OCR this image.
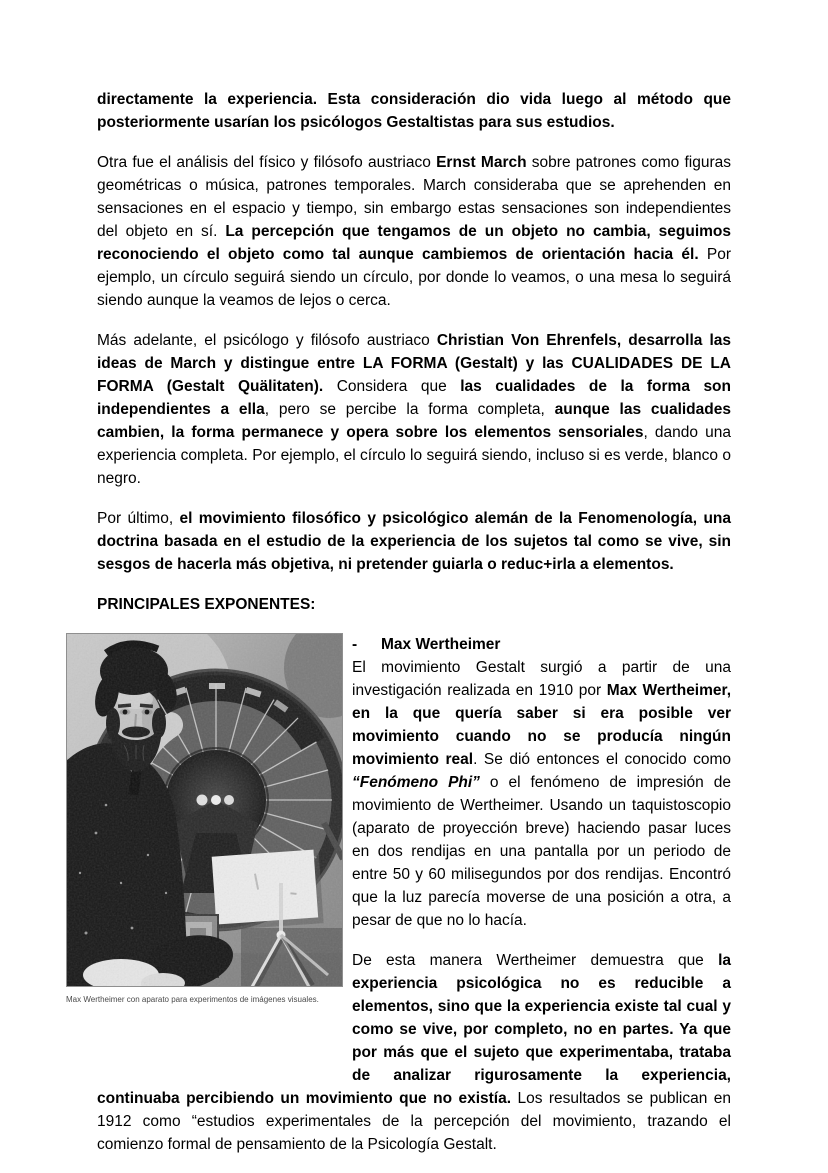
directamente la experiencia. Esta consideración dio vida luego al método que posteriormente usarían los psicólogos Gestaltistas para sus estudios.

Otra fue el análisis del físico y filósofo austriaco Ernst March sobre patrones como figuras geométricas o música, patrones temporales. March consideraba que se aprehenden en sensaciones en el espacio y tiempo, sin embargo estas sensaciones son independientes del objeto en sí. La percepción que tengamos de un objeto no cambia, seguimos reconociendo el objeto como tal aunque cambiemos de orientación hacia él. Por ejemplo, un círculo seguirá siendo un círculo, por donde lo veamos, o una mesa lo seguirá siendo aunque la veamos de lejos o cerca.

Más adelante, el psicólogo y filósofo austriaco Christian Von Ehrenfels, desarrolla las ideas de March y distingue entre LA FORMA (Gestalt) y las CUALIDADES DE LA FORMA (Gestalt Quälitaten). Considera que las cualidades de la forma son independientes a ella, pero se percibe la forma completa, aunque las cualidades cambien, la forma permanece y opera sobre los elementos sensoriales, dando una experiencia completa. Por ejemplo, el círculo lo seguirá siendo, incluso si es verde, blanco o negro.

Por último, el movimiento filosófico y psicológico alemán de la Fenomenología, una doctrina basada en el estudio de la experiencia de los sujetos tal como se vive, sin sesgos de hacerla más objetiva, ni pretender guiarla o reduc+irla a elementos.

PRINCIPALES EXPONENTES:
Max Wertheimer con aparato para experimentos de imágenes visuales.

- Max Wertheimer

El movimiento Gestalt surgió a partir de una investigación realizada en 1910 por Max Wertheimer, en la que quería saber si era posible ver movimiento cuando no se producía ningún movimiento real. Se dió entonces el conocido como “Fenómeno Phi” o el fenómeno de impresión de movimiento de Wertheimer. Usando un taquistoscopio (aparato de proyección breve) haciendo pasar luces en dos rendijas en una pantalla por un periodo de entre 50 y 60 milisegundos por dos rendijas. Encontró que la luz parecía moverse de una posición a otra, a pesar de que no lo hacía.

De esta manera Wertheimer demuestra que la experiencia psicológica no es reducible a elementos, sino que la experiencia existe tal cual y como se vive, por completo, no en partes. Ya que por más que el sujeto que experimentaba, trataba de analizar rigurosamente la experiencia, continuaba percibiendo un movimiento que no existía. Los resultados se publican en 1912 como “estudios experimentales de la percepción del movimiento, trazando el comienzo formal de pensamiento de la Psicología Gestalt.
